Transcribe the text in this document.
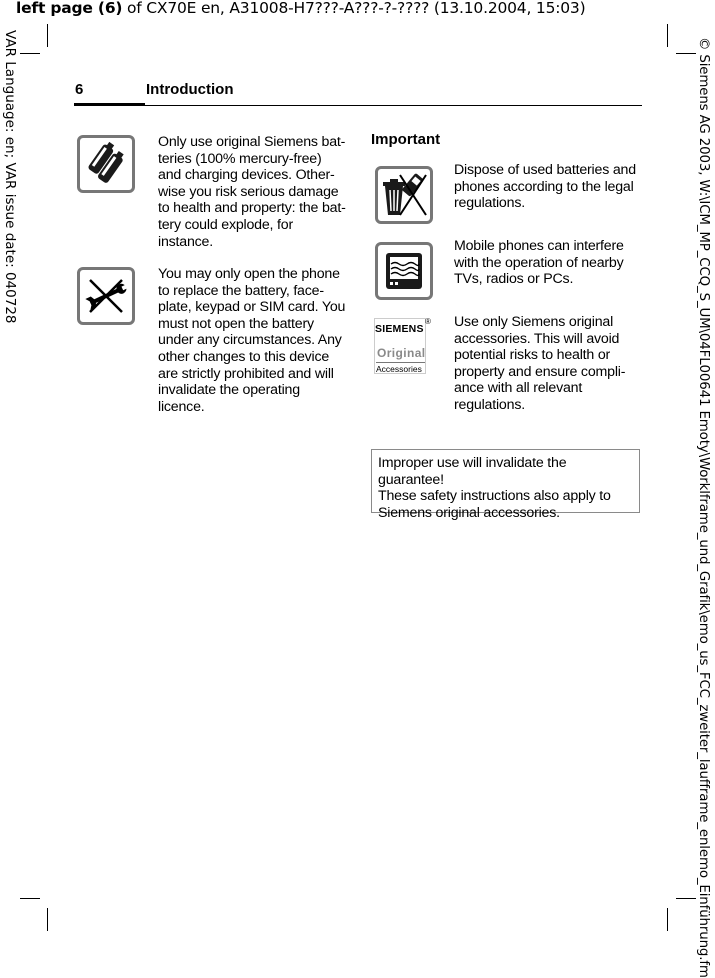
left page (6) of CX70E en, A31008-H7???-A???-?-???? (13.10.2004, 15:03)
VAR Language: en; VAR issue date: 040728	© Siemens AG 2003, W:\ICM_MP_CCQ_S_UM\04FL00641 Emoty\Worklframe_und_Grafik\emo_us_FCC_zweiter_laufframe_enlemo_Einführung.fm
6	Introduction
Only use original Siemens bat-
teries (100% mercury-free)
and charging devices. Other-
wise you risk serious damage
to health and property: the bat-
tery could explode, for
instance.
You may only open the phone
to replace the battery, face-
plate, keypad or SIM card. You
must not open the battery
under any circumstances. Any
other changes to this device
are strictly prohibited and will
invalidate the operating
licence.
Important
Dispose of used batteries and
phones according to the legal
regulations.
Mobile phones can interfere
with the operation of nearby
TVs, radios or PCs.
SIEMENS
®
Original
Accessories
Use only Siemens original
accessories. This will avoid
potential risks to health or
property and ensure compli-
ance with all relevant
regulations.
Improper use will invalidate the guarantee!
These safety instructions also apply to
Siemens original accessories.
